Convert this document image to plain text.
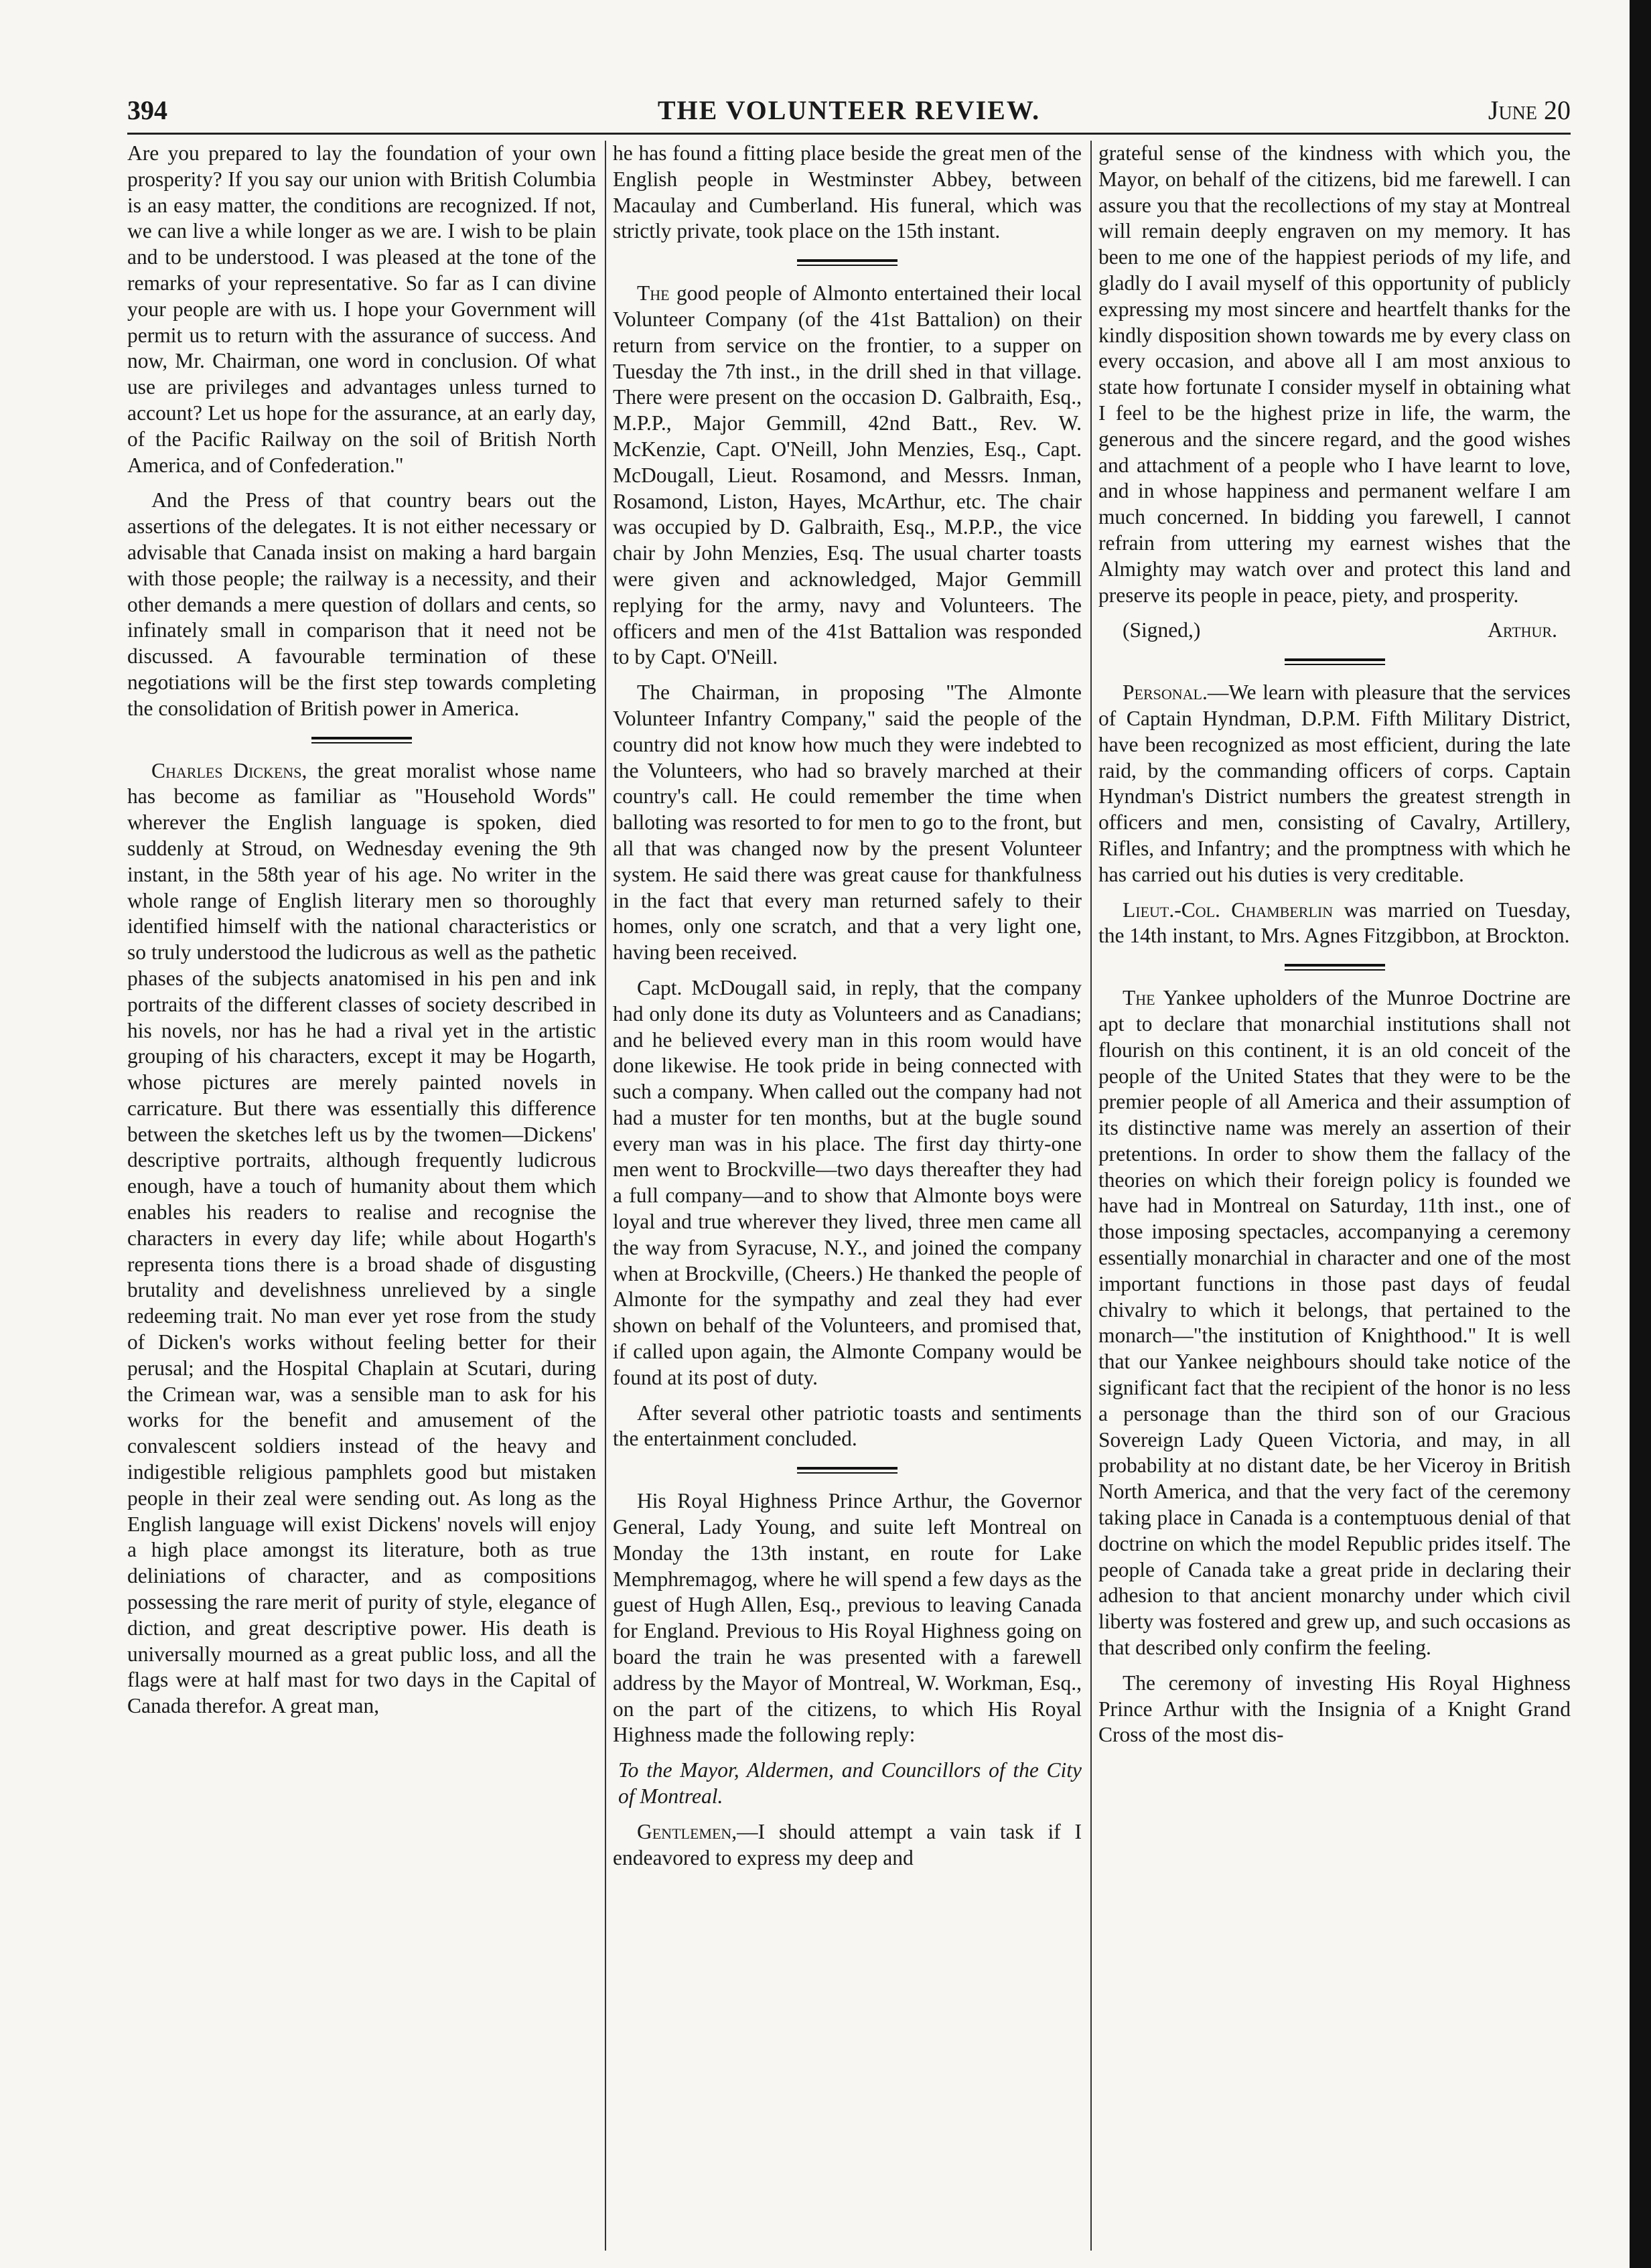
394	THE VOLUNTEER REVIEW.	June 20

Are you prepared to lay the foundation of your own prosperity? If you say our union with British Columbia is an easy matter, the conditions are recognized. If not, we can live a while longer as we are. I wish to be plain and to be understood. I was pleased at the tone of the remarks of your representative. So far as I can divine your people are with us. I hope your Government will permit us to return with the assurance of success. And now, Mr. Chairman, one word in conclusion. Of what use are privileges and advantages unless turned to account? Let us hope for the assurance, at an early day, of the Pacific Railway on the soil of British North America, and of Confederation."

And the Press of that country bears out the assertions of the delegates. It is not either necessary or advisable that Canada insist on making a hard bargain with those people; the railway is a necessity, and their other demands a mere question of dollars and cents, so infinately small in comparison that it need not be discussed. A favourable termination of these negotiations will be the first step towards completing the consolidation of British power in America.

Charles Dickens, the great moralist whose name has become as familiar as "Household Words" wherever the English language is spoken, died suddenly at Stroud, on Wednesday evening the 9th instant, in the 58th year of his age. No writer in the whole range of English literary men so thoroughly identified himself with the national characteristics or so truly understood the ludicrous as well as the pathetic phases of the subjects anatomised in his pen and ink portraits of the different classes of society described in his novels, nor has he had a rival yet in the artistic grouping of his characters, except it may be Hogarth, whose pictures are merely painted novels in carricature. But there was essentially this difference between the sketches left us by the twomen—Dickens' descriptive portraits, although frequently ludicrous enough, have a touch of humanity about them which enables his readers to realise and recognise the characters in every day life; while about Hogarth's representa tions there is a broad shade of disgusting brutality and develishness unrelieved by a single redeeming trait. No man ever yet rose from the study of Dicken's works without feeling better for their perusal; and the Hospital Chaplain at Scutari, during the Crimean war, was a sensible man to ask for his works for the benefit and amusement of the convalescent soldiers instead of the heavy and indigestible religious pamphlets good but mistaken people in their zeal were sending out. As long as the English language will exist Dickens' novels will enjoy a high place amongst its literature, both as true deliniations of character, and as compositions possessing the rare merit of purity of style, elegance of diction, and great descriptive power. His death is universally mourned as a great public loss, and all the flags were at half mast for two days in the Capital of Canada therefor. A great man,

he has found a fitting place beside the great men of the English people in Westminster Abbey, between Macaulay and Cumberland. His funeral, which was strictly private, took place on the 15th instant.

The good people of Almonto entertained their local Volunteer Company (of the 41st Battalion) on their return from service on the frontier, to a supper on Tuesday the 7th inst., in the drill shed in that village. There were present on the occasion D. Galbraith, Esq., M.P.P., Major Gemmill, 42nd Batt., Rev. W. McKenzie, Capt. O'Neill, John Menzies, Esq., Capt. McDougall, Lieut. Rosamond, and Messrs. Inman, Rosamond, Liston, Hayes, McArthur, etc. The chair was occupied by D. Galbraith, Esq., M.P.P., the vice chair by John Menzies, Esq. The usual charter toasts were given and acknowledged, Major Gemmill replying for the army, navy and Volunteers. The officers and men of the 41st Battalion was responded to by Capt. O'Neill.

The Chairman, in proposing "The Almonte Volunteer Infantry Company," said the people of the country did not know how much they were indebted to the Volunteers, who had so bravely marched at their country's call. He could remember the time when balloting was resorted to for men to go to the front, but all that was changed now by the present Volunteer system. He said there was great cause for thankfulness in the fact that every man returned safely to their homes, only one scratch, and that a very light one, having been received.

Capt. McDougall said, in reply, that the company had only done its duty as Volunteers and as Canadians; and he believed every man in this room would have done likewise. He took pride in being connected with such a company. When called out the company had not had a muster for ten months, but at the bugle sound every man was in his place. The first day thirty-one men went to Brockville—two days thereafter they had a full company—and to show that Almonte boys were loyal and true wherever they lived, three men came all the way from Syracuse, N.Y., and joined the company when at Brockville, (Cheers.) He thanked the people of Almonte for the sympathy and zeal they had ever shown on behalf of the Volunteers, and promised that, if called upon again, the Almonte Company would be found at its post of duty.

After several other patriotic toasts and sentiments the entertainment concluded.

His Royal Highness Prince Arthur, the Governor General, Lady Young, and suite left Montreal on Monday the 13th instant, en route for Lake Memphremagog, where he will spend a few days as the guest of Hugh Allen, Esq., previous to leaving Canada for England. Previous to His Royal Highness going on board the train he was presented with a farewell address by the Mayor of Montreal, W. Workman, Esq., on the part of the citizens, to which His Royal Highness made the following reply:

To the Mayor, Aldermen, and Councillors of the City of Montreal.

Gentlemen,—I should attempt a vain task if I endeavored to express my deep and

grateful sense of the kindness with which you, the Mayor, on behalf of the citizens, bid me farewell. I can assure you that the recollections of my stay at Montreal will remain deeply engraven on my memory. It has been to me one of the happiest periods of my life, and gladly do I avail myself of this opportunity of publicly expressing my most sincere and heartfelt thanks for the kindly disposition shown towards me by every class on every occasion, and above all I am most anxious to state how fortunate I consider myself in obtaining what I feel to be the highest prize in life, the warm, the generous and the sincere regard, and the good wishes and attachment of a people who I have learnt to love, and in whose happiness and permanent welfare I am much concerned. In bidding you farewell, I cannot refrain from uttering my earnest wishes that the Almighty may watch over and protect this land and preserve its people in peace, piety, and prosperity.

(Signed,)	Arthur.

Personal.—We learn with pleasure that the services of Captain Hyndman, D.P.M. Fifth Military District, have been recognized as most efficient, during the late raid, by the commanding officers of corps. Captain Hyndman's District numbers the greatest strength in officers and men, consisting of Cavalry, Artillery, Rifles, and Infantry; and the promptness with which he has carried out his duties is very creditable.

Lieut.-Col. Chamberlin was married on Tuesday, the 14th instant, to Mrs. Agnes Fitzgibbon, at Brockton.

The Yankee upholders of the Munroe Doctrine are apt to declare that monarchial institutions shall not flourish on this continent, it is an old conceit of the people of the United States that they were to be the premier people of all America and their assumption of its distinctive name was merely an assertion of their pretentions. In order to show them the fallacy of the theories on which their foreign policy is founded we have had in Montreal on Saturday, 11th inst., one of those imposing spectacles, accompanying a ceremony essentially monarchial in character and one of the most important functions in those past days of feudal chivalry to which it belongs, that pertained to the monarch—"the institution of Knighthood." It is well that our Yankee neighbours should take notice of the significant fact that the recipient of the honor is no less a personage than the third son of our Gracious Sovereign Lady Queen Victoria, and may, in all probability at no distant date, be her Viceroy in British North America, and that the very fact of the ceremony taking place in Canada is a contemptuous denial of that doctrine on which the model Republic prides itself. The people of Canada take a great pride in declaring their adhesion to that ancient monarchy under which civil liberty was fostered and grew up, and such occasions as that described only confirm the feeling.

The ceremony of investing His Royal Highness Prince Arthur with the Insignia of a Knight Grand Cross of the most dis-
